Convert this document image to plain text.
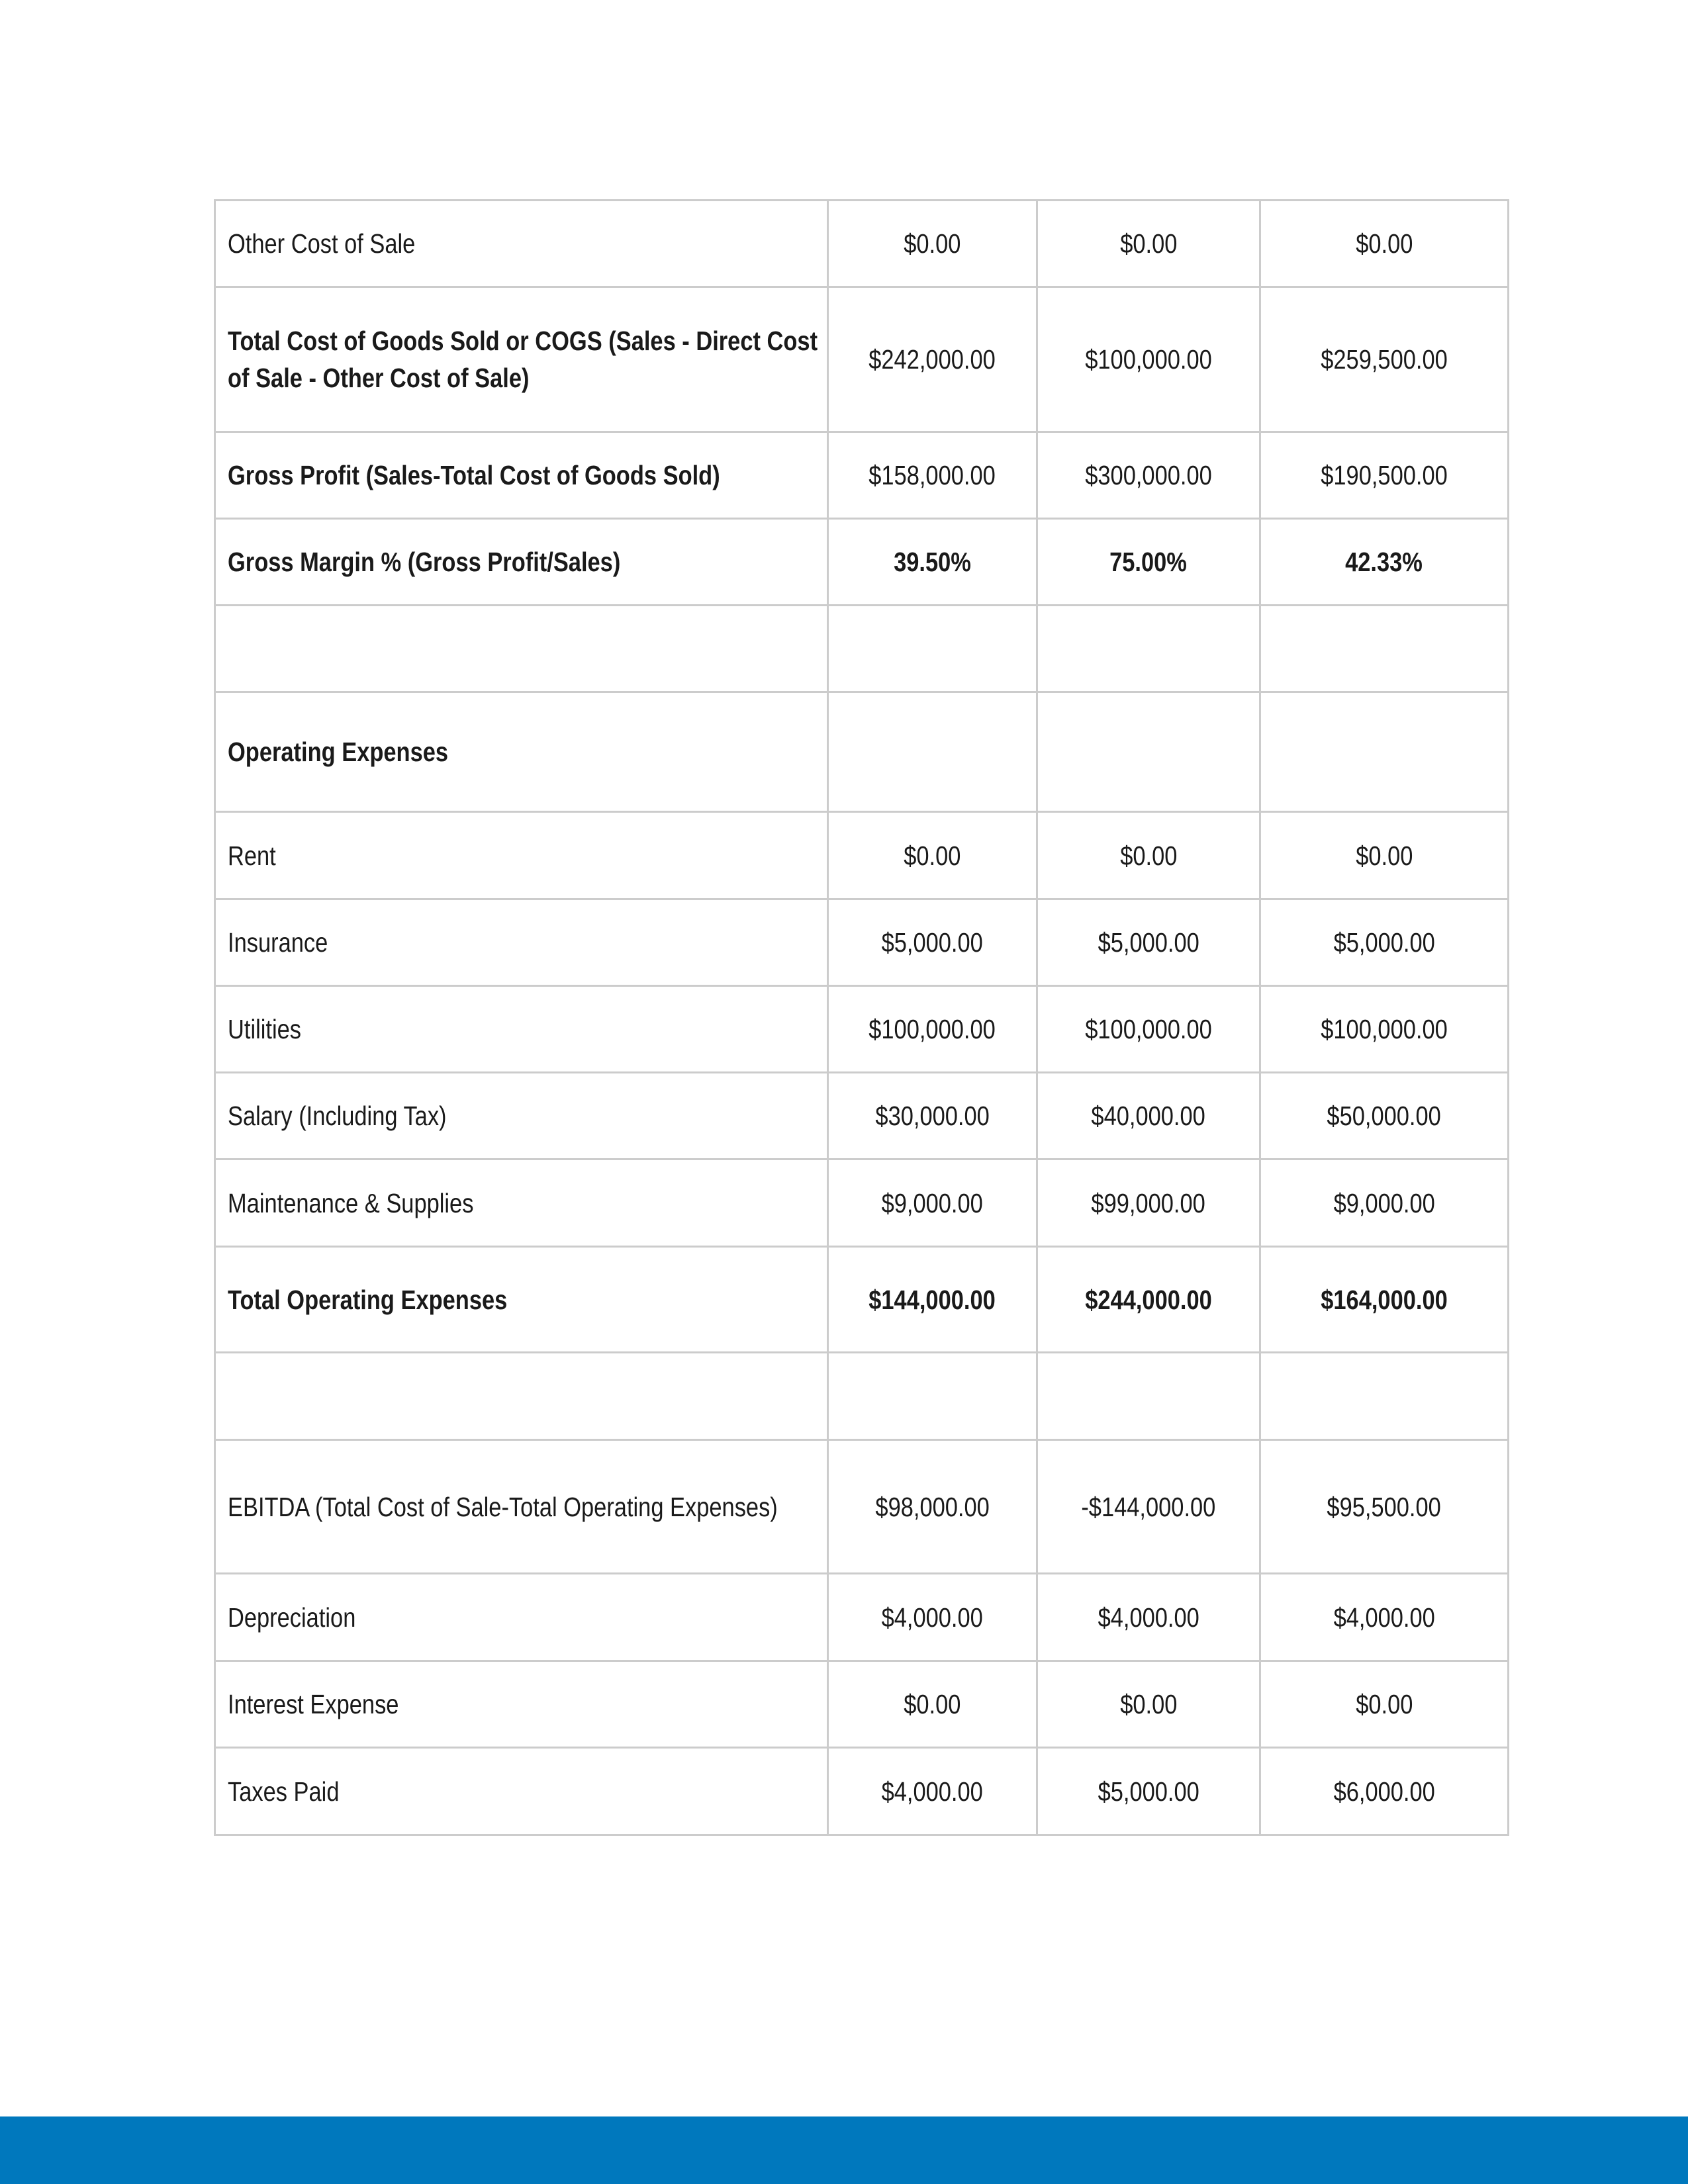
Other Cost of Sale	$0.00	$0.00	$0.00
Total Cost of Goods Sold or COGS (Sales - Direct Cost of Sale - Other Cost of Sale)	$242,000.00	$100,000.00	$259,500.00
Gross Profit (Sales-Total Cost of Goods Sold)	$158,000.00	$300,000.00	$190,500.00
Gross Margin % (Gross Profit/Sales)	39.50%	75.00%	42.33%

Operating Expenses			
Rent	$0.00	$0.00	$0.00
Insurance	$5,000.00	$5,000.00	$5,000.00
Utilities	$100,000.00	$100,000.00	$100,000.00
Salary (Including Tax)	$30,000.00	$40,000.00	$50,000.00
Maintenance & Supplies	$9,000.00	$99,000.00	$9,000.00
Total Operating Expenses	$144,000.00	$244,000.00	$164,000.00

EBITDA (Total Cost of Sale-Total Operating Expenses)	$98,000.00	-$144,000.00	$95,500.00
Depreciation	$4,000.00	$4,000.00	$4,000.00
Interest Expense	$0.00	$0.00	$0.00
Taxes Paid	$4,000.00	$5,000.00	$6,000.00
